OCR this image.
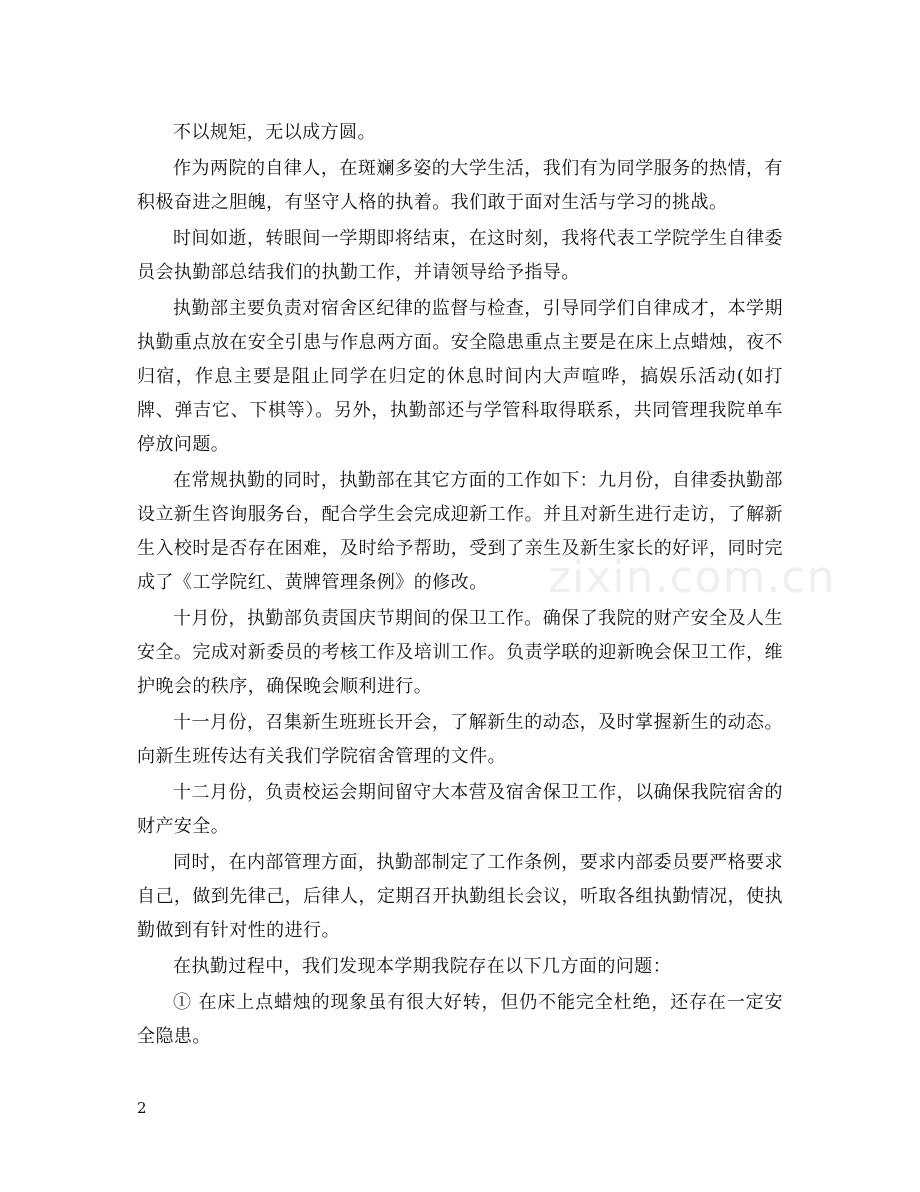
zixin.com.cn

不以规矩，无以成方圆。

作为两院的自律人，在斑斓多姿的大学生活，我们有为同学服务的热情，有积极奋进之胆魄，有坚守人格的执着。我们敢于面对生活与学习的挑战。

时间如逝，转眼间一学期即将结束，在这时刻，我将代表工学院学生自律委员会执勤部总结我们的执勤工作，并请领导给予指导。

执勤部主要负责对宿舍区纪律的监督与检查，引导同学们自律成才，本学期执勤重点放在安全引患与作息两方面。安全隐患重点主要是在床上点蜡烛，夜不归宿，作息主要是阻止同学在归定的休息时间内大声喧哗，搞娱乐活动(如打牌、弹吉它、下棋等）。另外，执勤部还与学管科取得联系，共同管理我院单车停放问题。

在常规执勤的同时，执勤部在其它方面的工作如下：九月份，自律委执勤部设立新生咨询服务台，配合学生会完成迎新工作。并且对新生进行走访，了解新生入校时是否存在困难，及时给予帮助，受到了亲生及新生家长的好评，同时完成了《工学院红、黄牌管理条例》的修改。

十月份，执勤部负责国庆节期间的保卫工作。确保了我院的财产安全及人生安全。完成对新委员的考核工作及培训工作。负责学联的迎新晚会保卫工作，维护晚会的秩序，确保晚会顺利进行。

十一月份，召集新生班班长开会，了解新生的动态，及时掌握新生的动态。向新生班传达有关我们学院宿舍管理的文件。

十二月份，负责校运会期间留守大本营及宿舍保卫工作，以确保我院宿舍的财产安全。

同时，在内部管理方面，执勤部制定了工作条例，要求内部委员要严格要求自己，做到先律己，后律人，定期召开执勤组长会议，听取各组执勤情况，使执勤做到有针对性的进行。

在执勤过程中，我们发现本学期我院存在以下几方面的问题：

① 在床上点蜡烛的现象虽有很大好转，但仍不能完全杜绝，还存在一定安全隐患。

2
